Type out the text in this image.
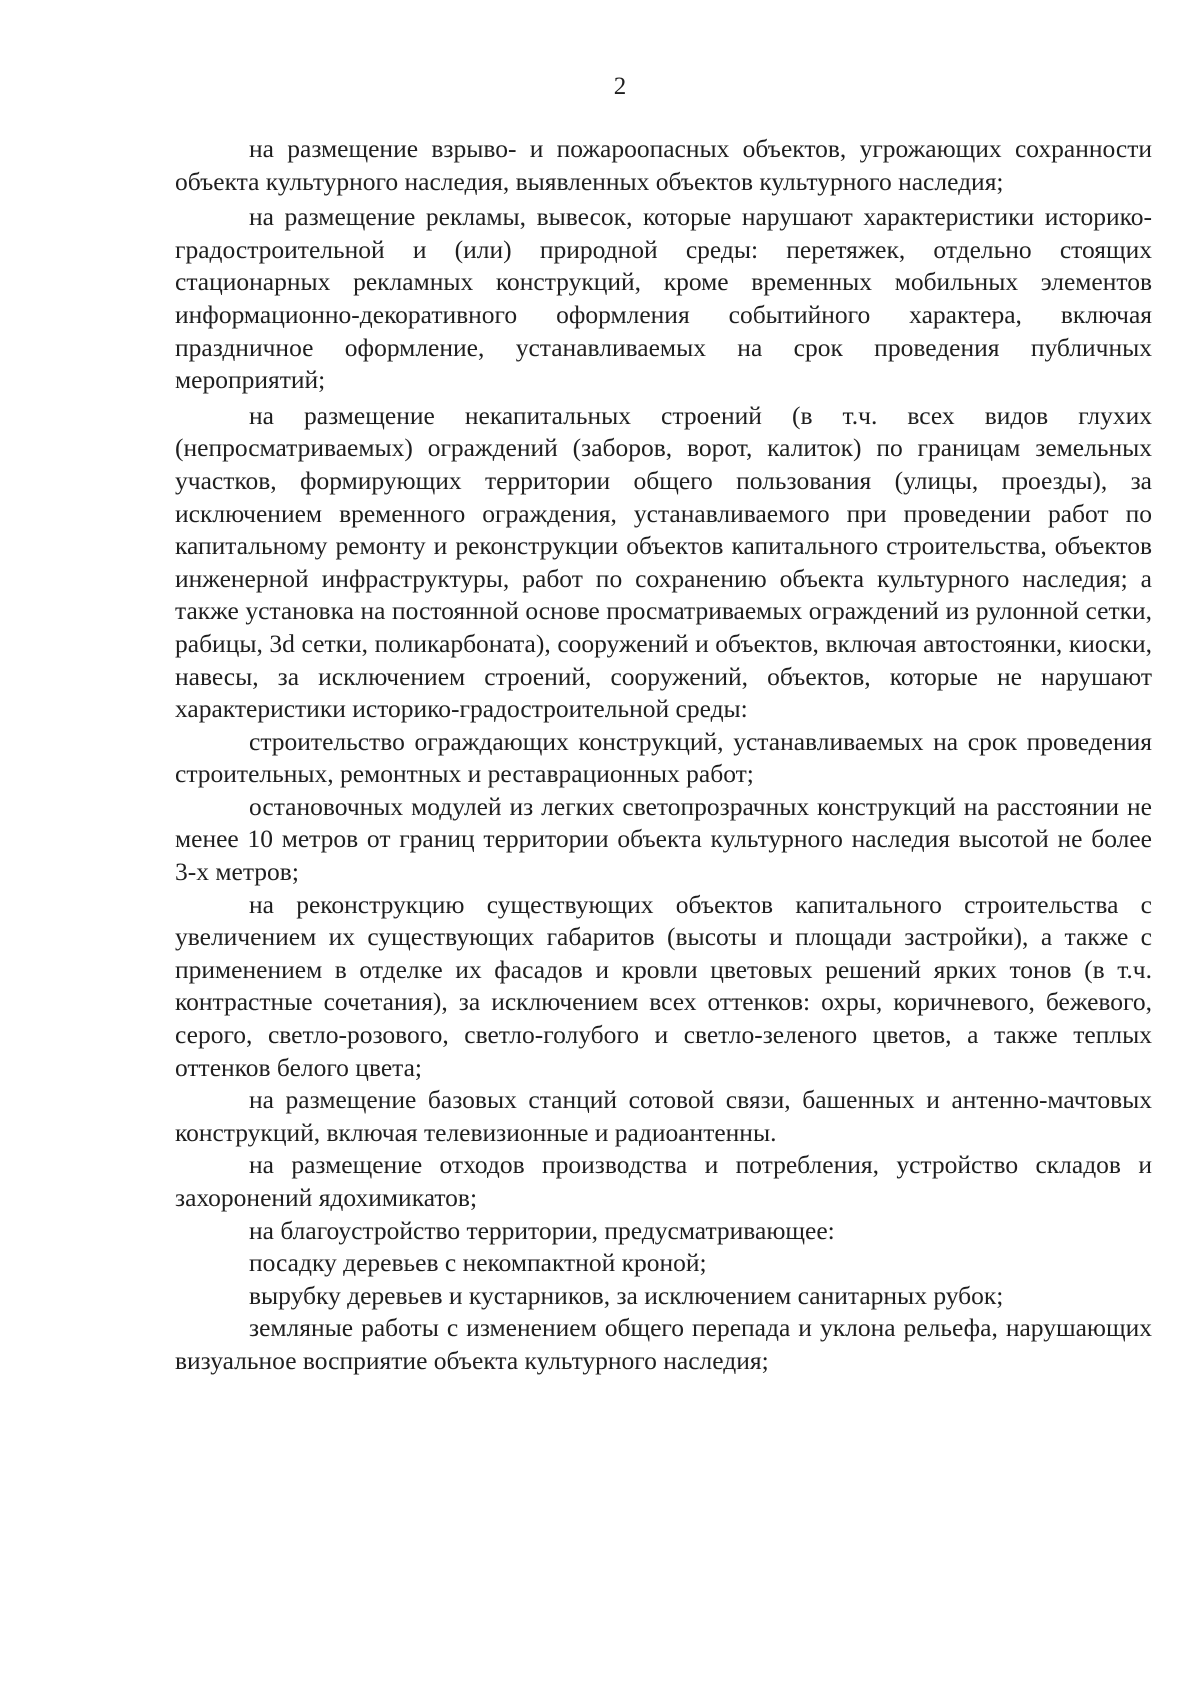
2

на размещение взрыво- и пожароопасных объектов, угрожающих сохранности объекта культурного наследия, выявленных объектов культурного наследия;

на размещение рекламы, вывесок, которые нарушают характеристики историко-градостроительной и (или) природной среды: перетяжек, отдельно стоящих стационарных рекламных конструкций, кроме временных мобильных элементов информационно-декоративного оформления событийного характера, включая праздничное оформление, устанавливаемых на срок проведения публичных мероприятий;

на размещение некапитальных строений (в т.ч. всех видов глухих (непросматриваемых) ограждений (заборов, ворот, калиток) по границам земельных участков, формирующих территории общего пользования (улицы, проезды), за исключением временного ограждения, устанавливаемого при проведении работ по капитальному ремонту и реконструкции объектов капитального строительства, объектов инженерной инфраструктуры, работ по сохранению объекта культурного наследия; а также установка на постоянной основе просматриваемых ограждений из рулонной сетки, рабицы, 3d сетки, поликарбоната), сооружений и объектов, включая автостоянки, киоски, навесы, за исключением строений, сооружений, объектов, которые не нарушают характеристики историко-градостроительной среды:

строительство ограждающих конструкций, устанавливаемых на срок проведения строительных, ремонтных и реставрационных работ;

остановочных модулей из легких светопрозрачных конструкций на расстоянии не менее 10 метров от границ территории объекта культурного наследия высотой не более 3-х метров;

на реконструкцию существующих объектов капитального строительства с увеличением их существующих габаритов (высоты и площади застройки), а также с применением в отделке их фасадов и кровли цветовых решений ярких тонов (в т.ч. контрастные сочетания), за исключением всех оттенков: охры, коричневого, бежевого, серого, светло-розового, светло-голубого и светло-зеленого цветов, а также теплых оттенков белого цвета;

на размещение базовых станций сотовой связи, башенных и антенно-мачтовых конструкций, включая телевизионные и радиоантенны.

на размещение отходов производства и потребления, устройство складов и захоронений ядохимикатов;

на благоустройство территории, предусматривающее:

посадку деревьев с некомпактной кроной;

вырубку деревьев и кустарников, за исключением санитарных рубок;

земляные работы с изменением общего перепада и уклона рельефа, нарушающих визуальное восприятие объекта культурного наследия;
